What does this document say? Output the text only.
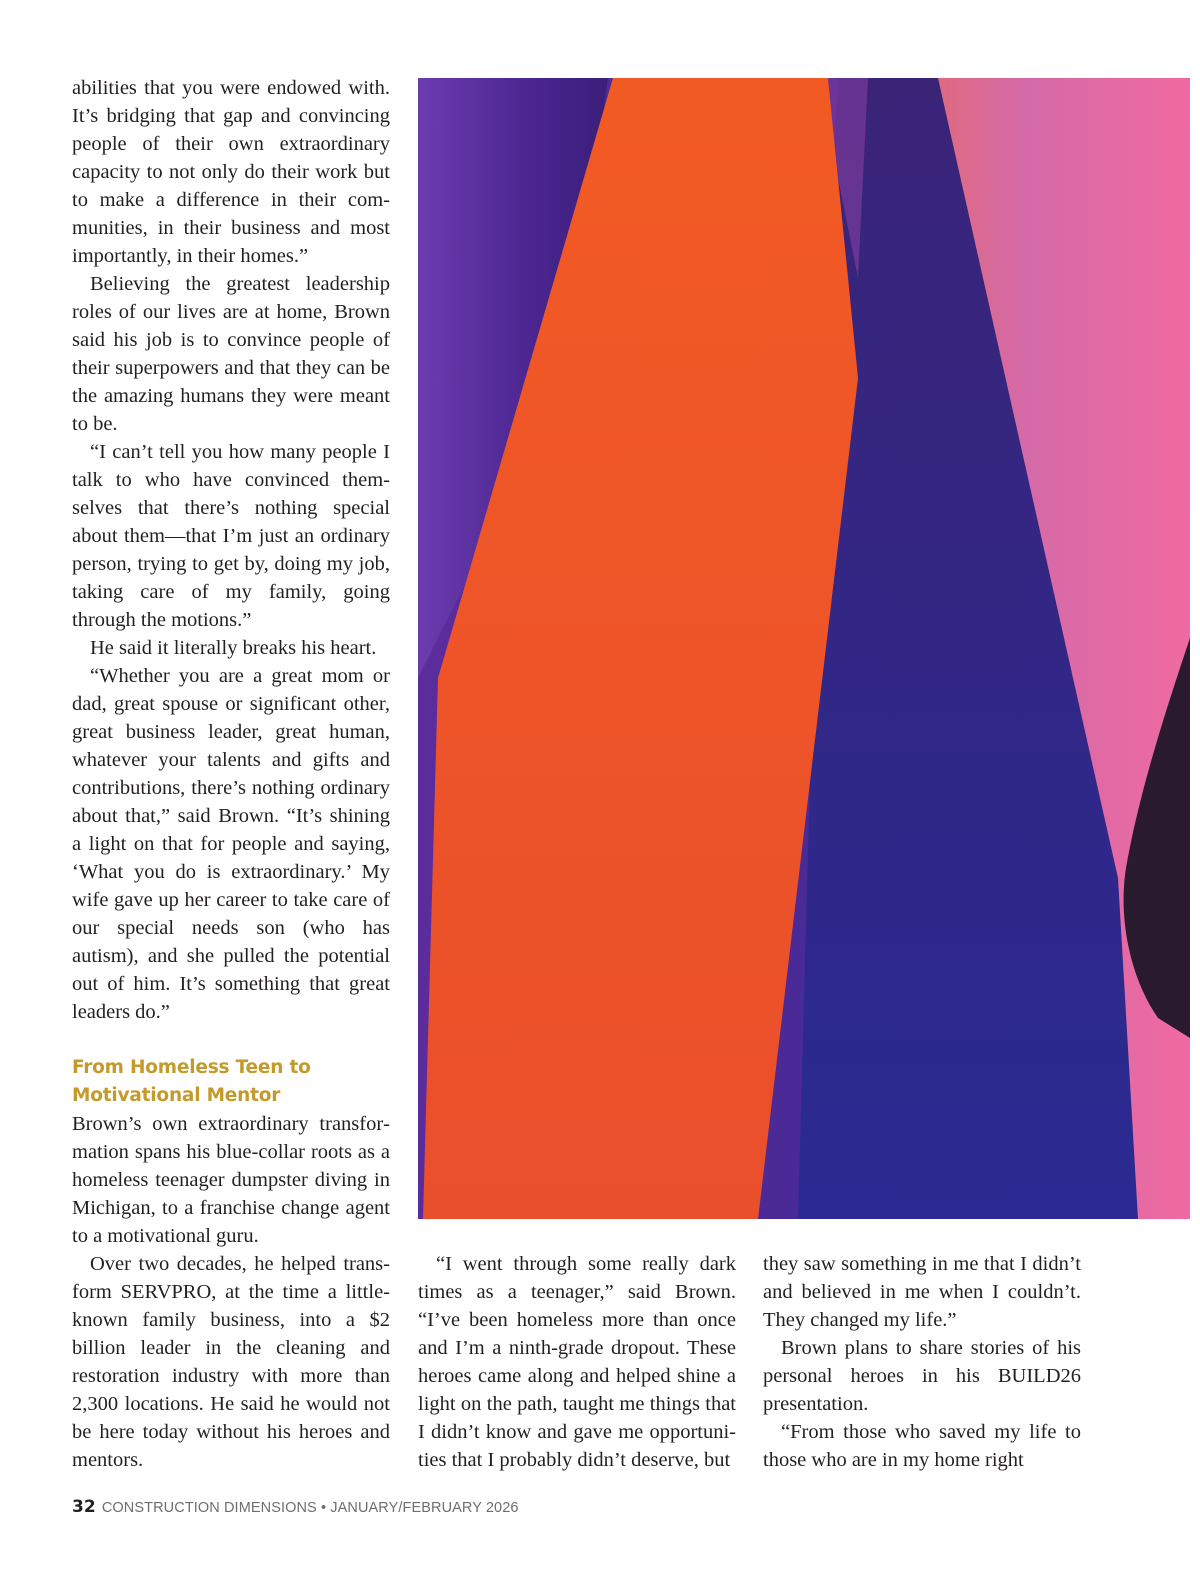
abilities that you were endowed with. It’s bridging that gap and convincing people of their own extraordinary capacity to not only do their work but to make a difference in their communities, in their business and most importantly, in their homes.”

Believing the greatest leadership roles of our lives are at home, Brown said his job is to convince people of their superpowers and that they can be the amazing humans they were meant to be.

“I can’t tell you how many people I talk to who have convinced themselves that there’s nothing special about them—that I’m just an ordinary person, trying to get by, doing my job, taking care of my family, going through the motions.”

He said it literally breaks his heart.

“Whether you are a great mom or dad, great spouse or significant other, great business leader, great human, whatever your talents and gifts and contributions, there’s nothing ordinary about that,” said Brown. “It’s shining a light on that for people and saying, ‘What you do is extraordinary.’ My wife gave up her career to take care of our special needs son (who has autism), and she pulled the potential out of him. It’s something that great leaders do.”

From Homeless Teen to
Motivational Mentor

Brown’s own extraordinary transformation spans his blue-collar roots as a homeless teenager dumpster diving in Michigan, to a franchise change agent to a motivational guru.

Over two decades, he helped transform SERVPRO, at the time a little-known family business, into a $2 billion leader in the cleaning and restoration industry with more than 2,300 locations. He said he would not be here today without his heroes and mentors.

“I went through some really dark times as a teenager,” said Brown. “I’ve been homeless more than once and I’m a ninth-grade dropout. These heroes came along and helped shine a light on the path, taught me things that I didn’t know and gave me opportunities that I probably didn’t deserve, but

they saw something in me that I didn’t and believed in me when I couldn’t. They changed my life.”

Brown plans to share stories of his personal heroes in his BUILD26 presentation.

“From those who saved my life to those who are in my home right

32 CONSTRUCTION DIMENSIONS • JANUARY/FEBRUARY 2026
